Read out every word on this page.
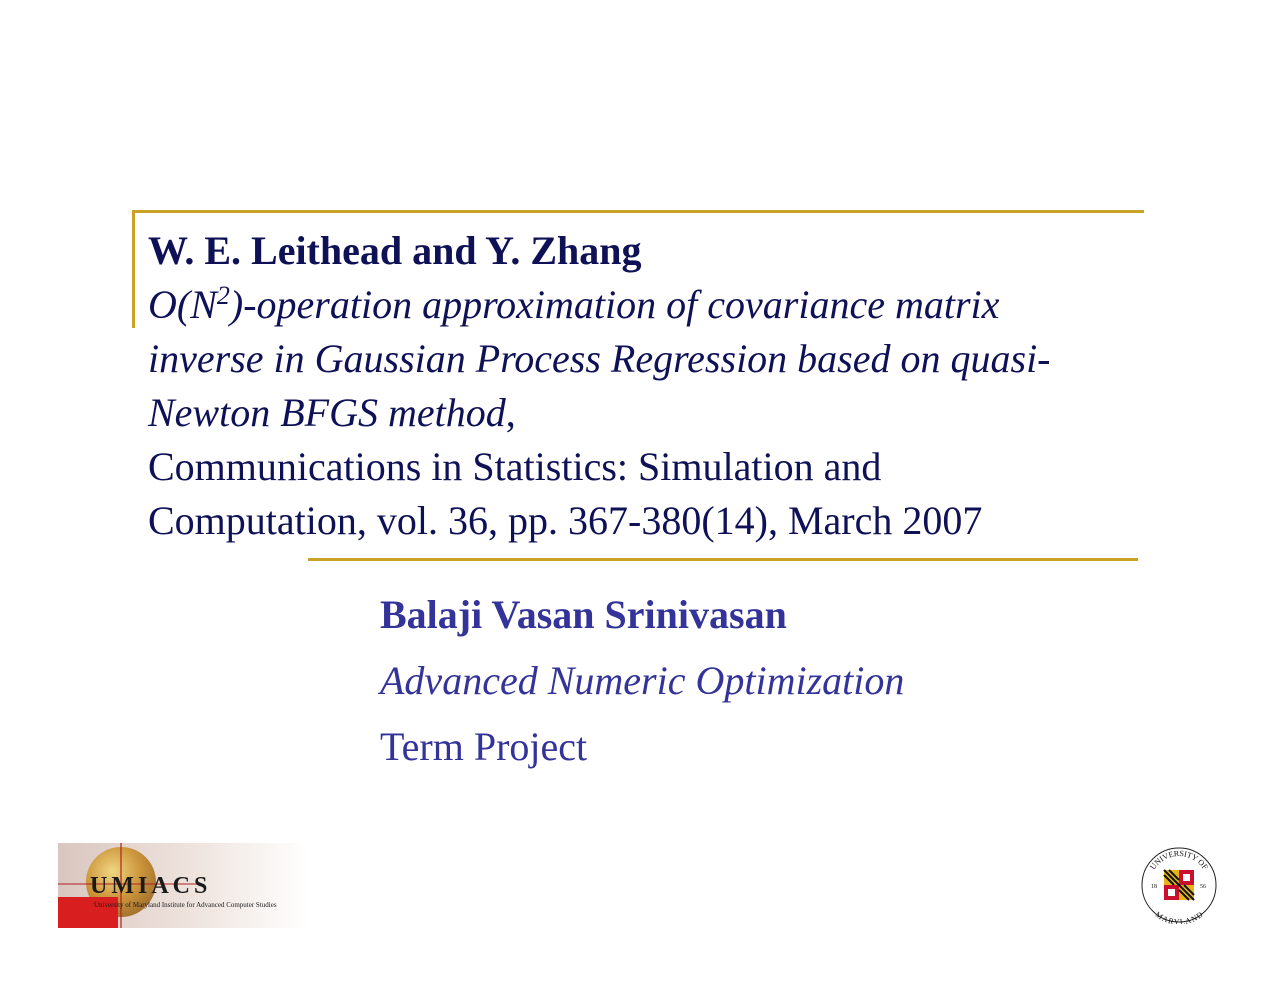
W. E. Leithead and Y. Zhang
$O(N^2)$-operation approximation of covariance matrix
inverse in Gaussian Process Regression based on quasi-
Newton BFGS method,
Communications in Statistics: Simulation and
Computation, vol. 36, pp. 367-380(14), March 2007
Balaji Vasan Srinivasan
Advanced Numeric Optimization
Term Project
UMIACS
University of Maryland Institute for Advanced Computer Studies
UNIVERSITY OF
MARYLAND
18	56
